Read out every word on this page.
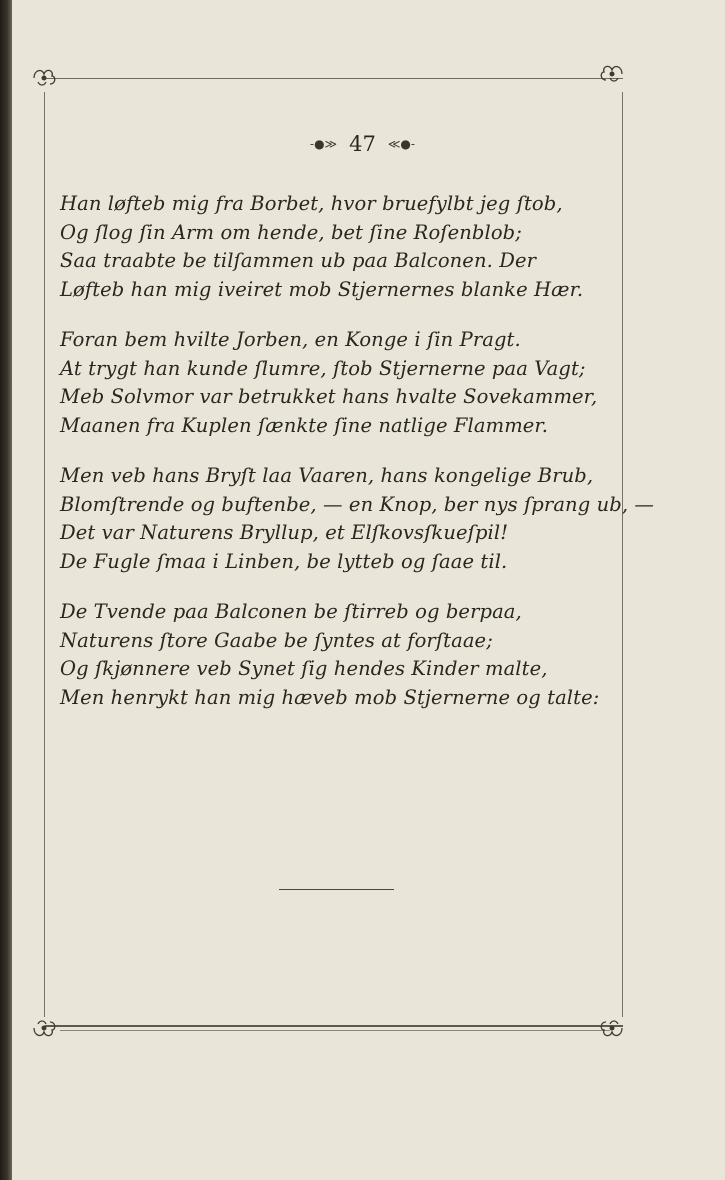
-●≫ 47 ≪●-
Han løfteb mig fra Borbet, hvor bruefylbt jeg ſtob,
Og ſlog ſin Arm om hende, bet ſine Roſenblob;
Saa traabte be tilſammen ub paa Balconen. Der
Løfteb han mig iveiret mob Stjernernes blanke Hær.
Foran bem hvilte Jorben, en Konge i ſin Pragt.
At trygt han kunde ſlumre, ſtob Stjernerne paa Vagt;
Meb Solvmor var betrukket hans hvalte Sovekammer,
Maanen fra Kuplen ſænkte ſine natlige Flammer.
Men veb hans Bryſt laa Vaaren, hans kongelige Brub,
Blomſtrende og buftenbe, — en Knop, ber nys ſprang ub, —
Det var Naturens Bryllup, et Elſkovsſkueſpil!
De Fugle ſmaa i Linben, be lytteb og ſaae til.
De Tvende paa Balconen be ſtirreb og berpaa,
Naturens ſtore Gaabe be ſyntes at forſtaae;
Og ſkjønnere veb Synet ſig hendes Kinder malte,
Men henrykt han mig hæveb mob Stjernerne og talte:
